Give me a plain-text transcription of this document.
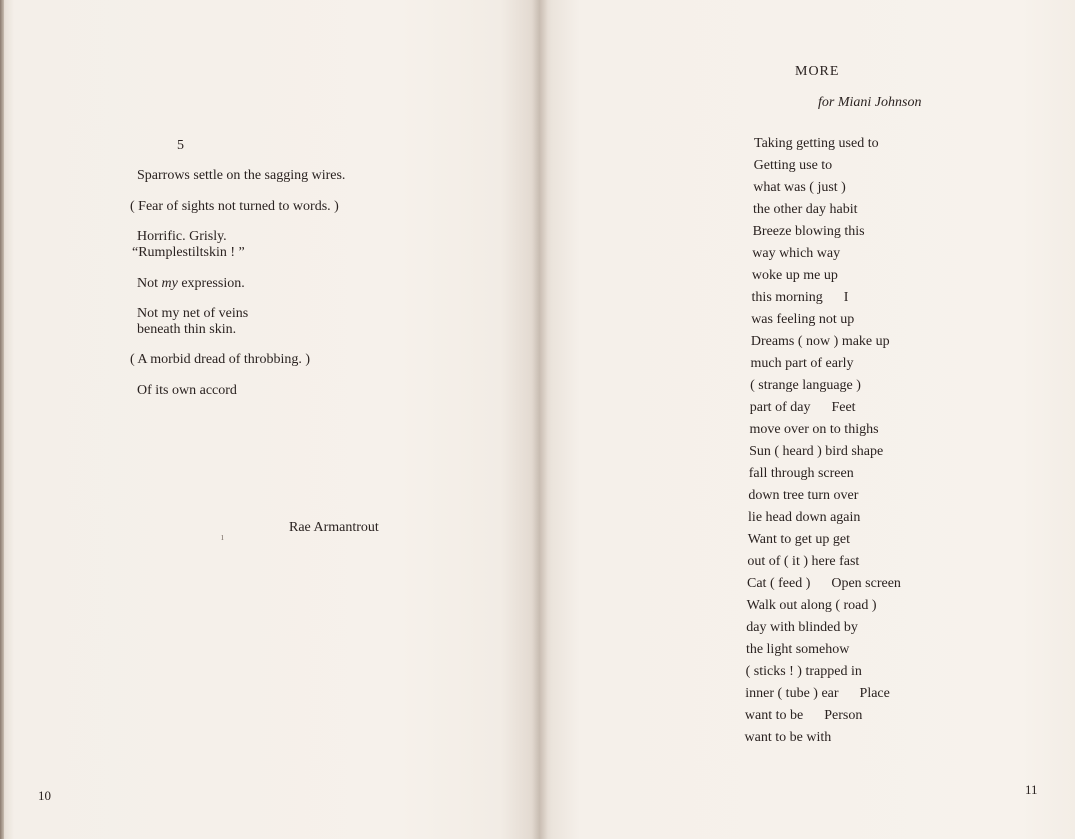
5

Sparrows settle on the sagging wires.

( Fear of sights not turned to words. )

Horrific. Grisly.

“Rumplestiltskin ! ”

Not my expression.

Not my net of veins

beneath thin skin.

( A morbid dread of throbbing. )

Of its own accord

Rae Armantrout

ı

10

MORE

for Miani Johnson

Taking getting used to

Getting use to

what was ( just )

the other day habit

Breeze blowing this

way which way

woke up me up

this morning      I

was feeling not up

Dreams ( now ) make up

much part of early

( strange language )

part of day      Feet

move over on to thighs

Sun ( heard ) bird shape

fall through screen

down tree turn over

lie head down again

Want to get up get

out of ( it ) here fast

Cat ( feed )      Open screen

Walk out along ( road )

day with blinded by

the light somehow

( sticks ! ) trapped in

inner ( tube ) ear      Place

want to be      Person

want to be with

11
